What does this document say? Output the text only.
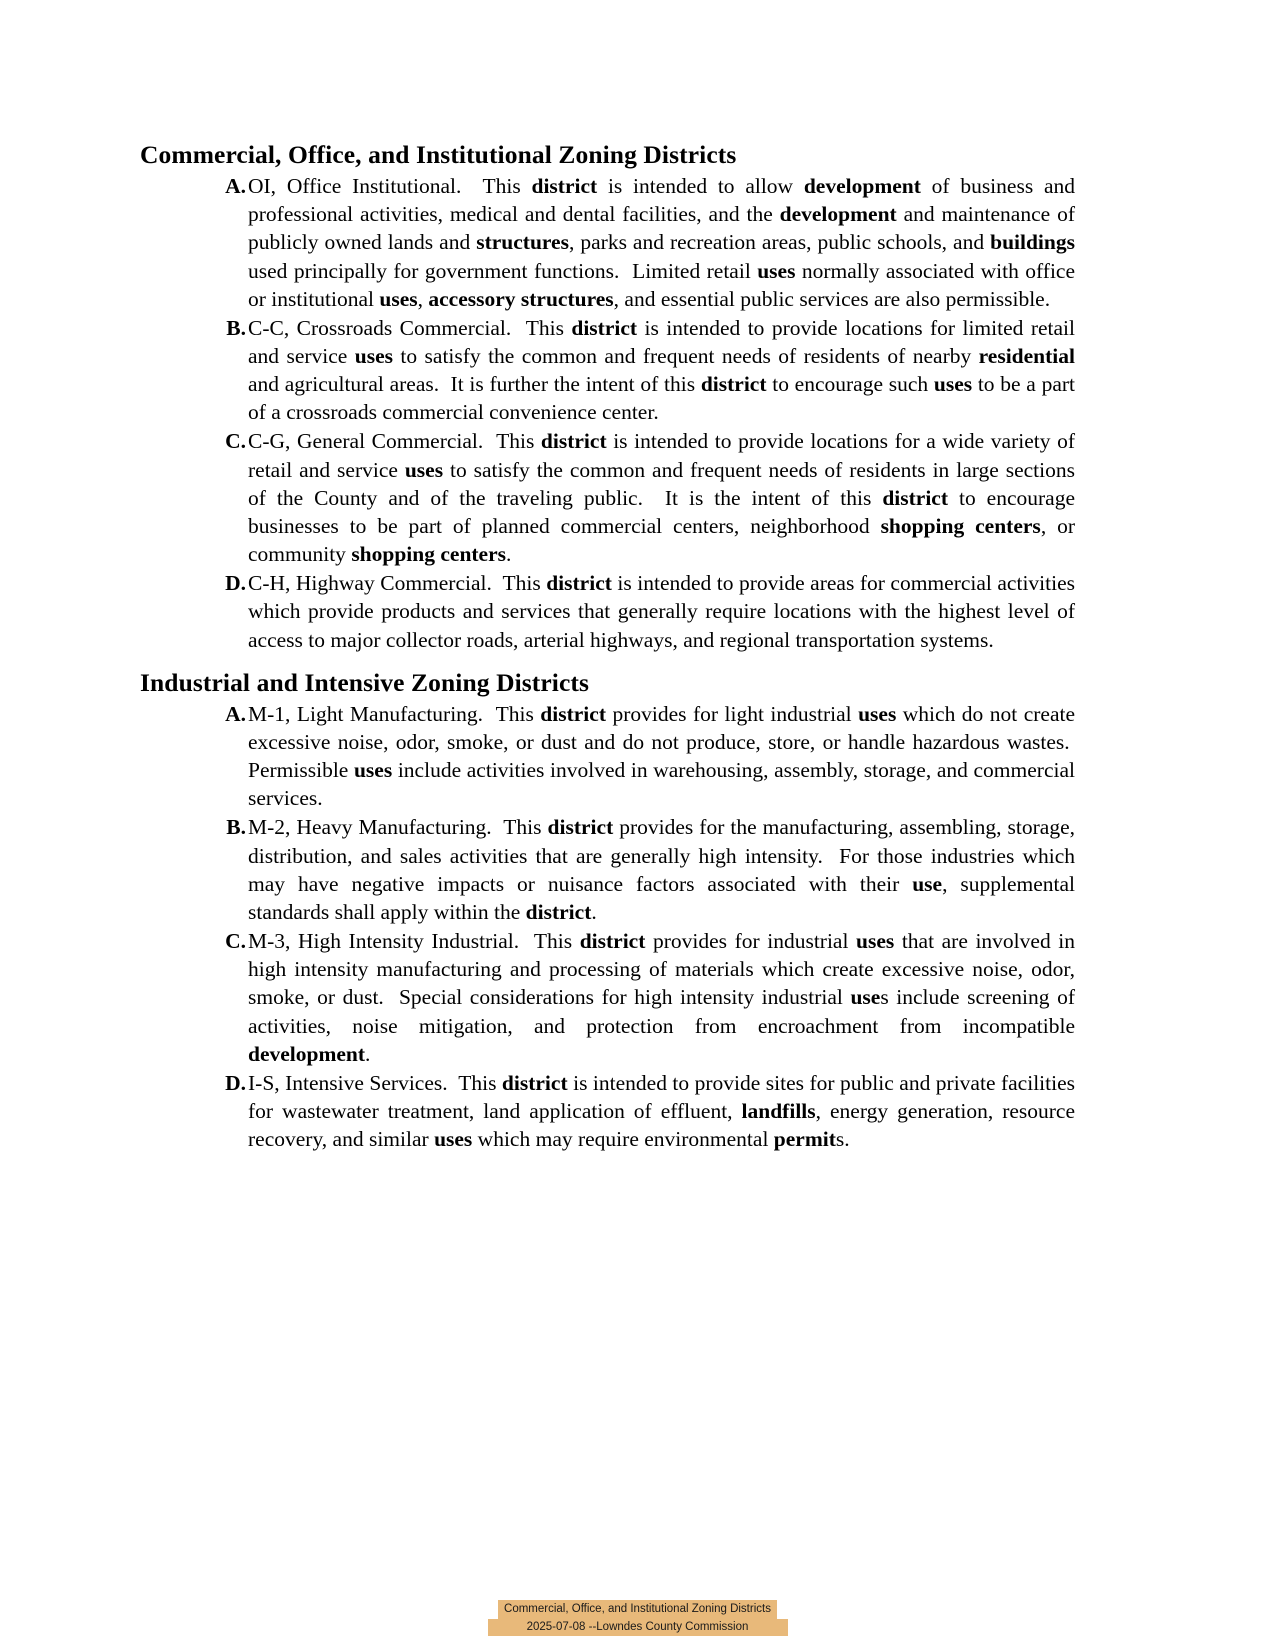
Commercial, Office, and Institutional Zoning Districts
A. OI, Office Institutional.  This district is intended to allow development of business and professional activities, medical and dental facilities, and the development and maintenance of publicly owned lands and structures, parks and recreation areas, public schools, and buildings used principally for government functions.  Limited retail uses normally associated with office or institutional uses, accessory structures, and essential public services are also permissible.
B. C-C, Crossroads Commercial.  This district is intended to provide locations for limited retail and service uses to satisfy the common and frequent needs of residents of nearby residential and agricultural areas.  It is further the intent of this district to encourage such uses to be a part of a crossroads commercial convenience center.
C. C-G, General Commercial.  This district is intended to provide locations for a wide variety of retail and service uses to satisfy the common and frequent needs of residents in large sections of the County and of the traveling public.  It is the intent of this district to encourage businesses to be part of planned commercial centers, neighborhood shopping centers, or community shopping centers.
D. C-H, Highway Commercial.  This district is intended to provide areas for commercial activities which provide products and services that generally require locations with the highest level of access to major collector roads, arterial highways, and regional transportation systems.
Industrial and Intensive Zoning Districts
A. M-1, Light Manufacturing.  This district provides for light industrial uses which do not create excessive noise, odor, smoke, or dust and do not produce, store, or handle hazardous wastes.  Permissible uses include activities involved in warehousing, assembly, storage, and commercial services.
B. M-2, Heavy Manufacturing.  This district provides for the manufacturing, assembling, storage, distribution, and sales activities that are generally high intensity.  For those industries which may have negative impacts or nuisance factors associated with their use, supplemental standards shall apply within the district.
C. M-3, High Intensity Industrial.  This district provides for industrial uses that are involved in high intensity manufacturing and processing of materials which create excessive noise, odor, smoke, or dust.  Special considerations for high intensity industrial uses include screening of activities, noise mitigation, and protection from encroachment from incompatible development.
D. I-S, Intensive Services.  This district is intended to provide sites for public and private facilities for wastewater treatment, land application of effluent, landfills, energy generation, resource recovery, and similar uses which may require environmental permits.
Commercial, Office, and Institutional Zoning Districts
2025-07-08 --Lowndes County Commission
